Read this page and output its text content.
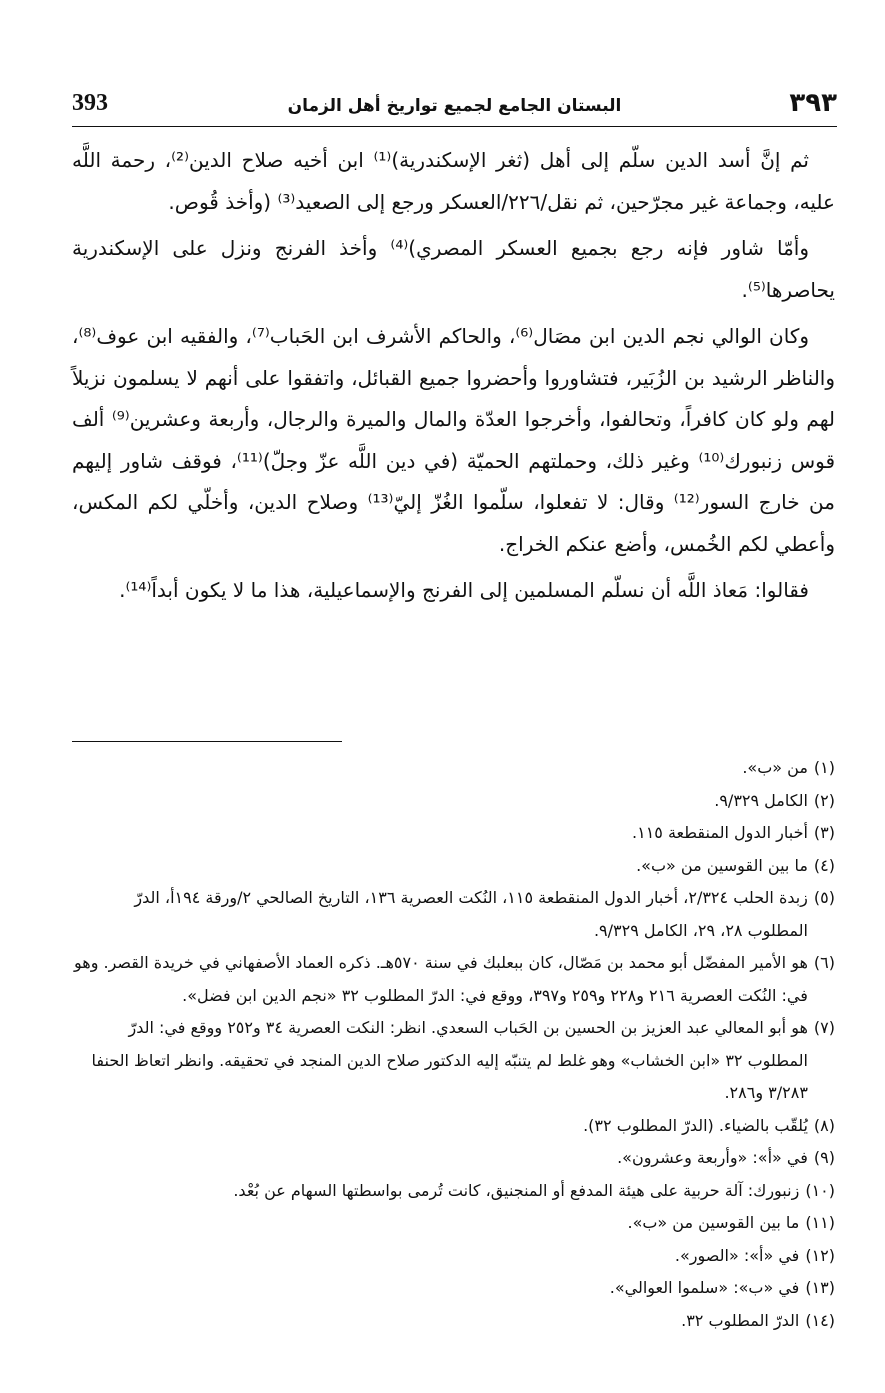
٣٩٣
البستان الجامع لجميع تواريخ أهل الزمان
393

ثم إنَّ أسد الدين سلّم إلى أهل (ثغر الإسكندرية)⁽¹⁾ ابن أخيه صلاح الدين⁽²⁾، رحمة اللَّه عليه، وجماعة غير مجرّحين، ثم نقل/٢٢٦/العسكر ورجع إلى الصعيد⁽³⁾ (وأخذ قُوص.

وأمّا شاور فإنه رجع بجميع العسكر المصري)⁽⁴⁾ وأخذ الفرنج ونزل على الإسكندرية يحاصرها⁽⁵⁾.

وكان الوالي نجم الدين ابن مصَال⁽⁶⁾، والحاكم الأشرف ابن الحَباب⁽⁷⁾، والفقيه ابن عوف⁽⁸⁾، والناظر الرشيد بن الزُبَير، فتشاوروا وأحضروا جميع القبائل، واتفقوا على أنهم لا يسلمون نزيلاً لهم ولو كان كافراً، وتحالفوا، وأخرجوا العدّة والمال والميرة والرجال، وأربعة وعشرين⁽⁹⁾ ألف قوس زنبورك⁽¹⁰⁾ وغير ذلك، وحملتهم الحميّة (في دين اللَّه عزّ وجلّ)⁽¹¹⁾، فوقف شاور إليهم من خارج السور⁽¹²⁾ وقال: لا تفعلوا، سلّموا الغُزّ إليّ⁽¹³⁾ وصلاح الدين، وأخلّي لكم المكس، وأعطي لكم الخُمس، وأضع عنكم الخراج.

فقالوا: مَعاذ اللَّه أن نسلّم المسلمين إلى الفرنج والإسماعيلية، هذا ما لا يكون أبداً⁽¹⁴⁾.

(١)
من «ب».
(٢)
الكامل ٩/٣٢٩.
(٣)
أخبار الدول المنقطعة ١١٥.
(٤)
ما بين القوسين من «ب».
(٥)
زبدة الحلب ٢/٣٢٤، أخبار الدول المنقطعة ١١٥، النُكت العصرية ١٣٦، التاريخ الصالحي ٢/ورقة ١٩٤أ، الدرّ المطلوب ٢٨، ٢٩، الكامل ٩/٣٢٩.
(٦)
هو الأمير المفضّل أبو محمد بن مَصّال، كان ببعلبك في سنة ٥٧٠هـ. ذكره العماد الأصفهاني في خريدة القصر. وهو في: النُكت العصرية ٢١٦ و٢٢٨ و٢٥٩ و٣٩٧، ووقع في: الدرّ المطلوب ٣٢ «نجم الدين ابن فضل».
(٧)
هو أبو المعالي عبد العزيز بن الحسين بن الحَباب السعدي. انظر: النكت العصرية ٣٤ و٢٥٢ ووقع في: الدرّ المطلوب ٣٢ «ابن الخشاب» وهو غلط لم يتنبّه إليه الدكتور صلاح الدين المنجد في تحقيقه. وانظر اتعاظ الحنفا ٣/٢٨٣ و٢٨٦.
(٨)
يُلقّب بالضياء. (الدرّ المطلوب ٣٢).
(٩)
في «أ»: «وأربعة وعشرون».
(١٠)
زنبورك: آلة حربية على هيئة المدفع أو المنجنيق، كانت تُرمى بواسطتها السهام عن بُعْد.
(١١)
ما بين القوسين من «ب».
(١٢)
في «أ»: «الصور».
(١٣)
في «ب»: «سلموا العوالي».
(١٤)
الدرّ المطلوب ٣٢.
